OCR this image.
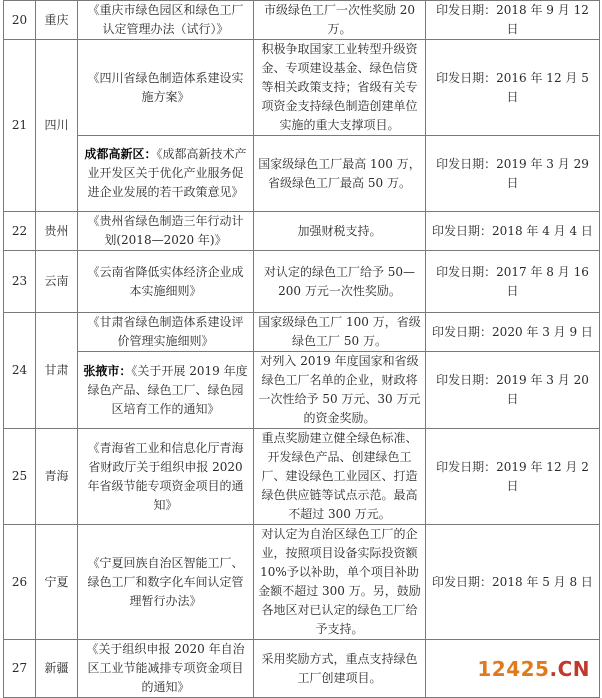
20	重庆	《重庆市绿色园区和绿色工厂认定管理办法（试行）》	市级绿色工厂一次性奖励 20 万。	印发日期：2018 年 9 月 12 日
21	四川	《四川省绿色制造体系建设实施方案》	积极争取国家工业转型升级资金、专项建设基金、绿色信贷等相关政策支持；省级有关专项资金支持绿色制造创建单位实施的重大支撑项目。	印发日期：2016 年 12 月 5 日
		成都高新区：《成都高新技术产业开发区关于优化产业服务促进企业发展的若干政策意见》	国家级绿色工厂最高 100 万，省级绿色工厂最高 50 万。	印发日期：2019 年 3 月 29 日
22	贵州	《贵州省绿色制造三年行动计划(2018—2020 年)》	加强财税支持。	印发日期：2018 年 4 月 4 日
23	云南	《云南省降低实体经济企业成本实施细则》	对认定的绿色工厂给予 50—200 万元一次性奖励。	印发日期：2017 年 8 月 16 日
24	甘肃	《甘肃省绿色制造体系建设评价管理实施细则》	国家级绿色工厂 100 万，省级绿色工厂 50 万。	印发日期：2020 年 3 月 9 日
		张掖市：《关于开展 2019 年度绿色产品、绿色工厂、绿色园区培育工作的通知》	对列入 2019 年度国家和省级绿色工厂名单的企业，财政将一次性给予 50 万元、30 万元的资金奖励。	印发日期：2019 年 3 月 20 日
25	青海	《青海省工业和信息化厅青海省财政厅关于组织申报 2020 年省级节能专项资金项目的通知》	重点奖励建立健全绿色标准、开发绿色产品、创建绿色工厂、建设绿色工业园区、打造绿色供应链等试点示范。最高不超过 300 万元。	印发日期：2019 年 12 月 2 日
26	宁夏	《宁夏回族自治区智能工厂、绿色工厂和数字化车间认定管理暂行办法》	对认定为自治区绿色工厂的企业，按照项目设备实际投资额 10%予以补助，单个项目补助金额不超过 300 万。另，鼓励各地区对已认定的绿色工厂给予支持。	印发日期：2018 年 5 月 8 日
27	新疆	《关于组织申报 2020 年自治区工业节能减排专项资金项目的通知》	采用奖励方式，重点支持绿色工厂创建项目。		12425.CN
